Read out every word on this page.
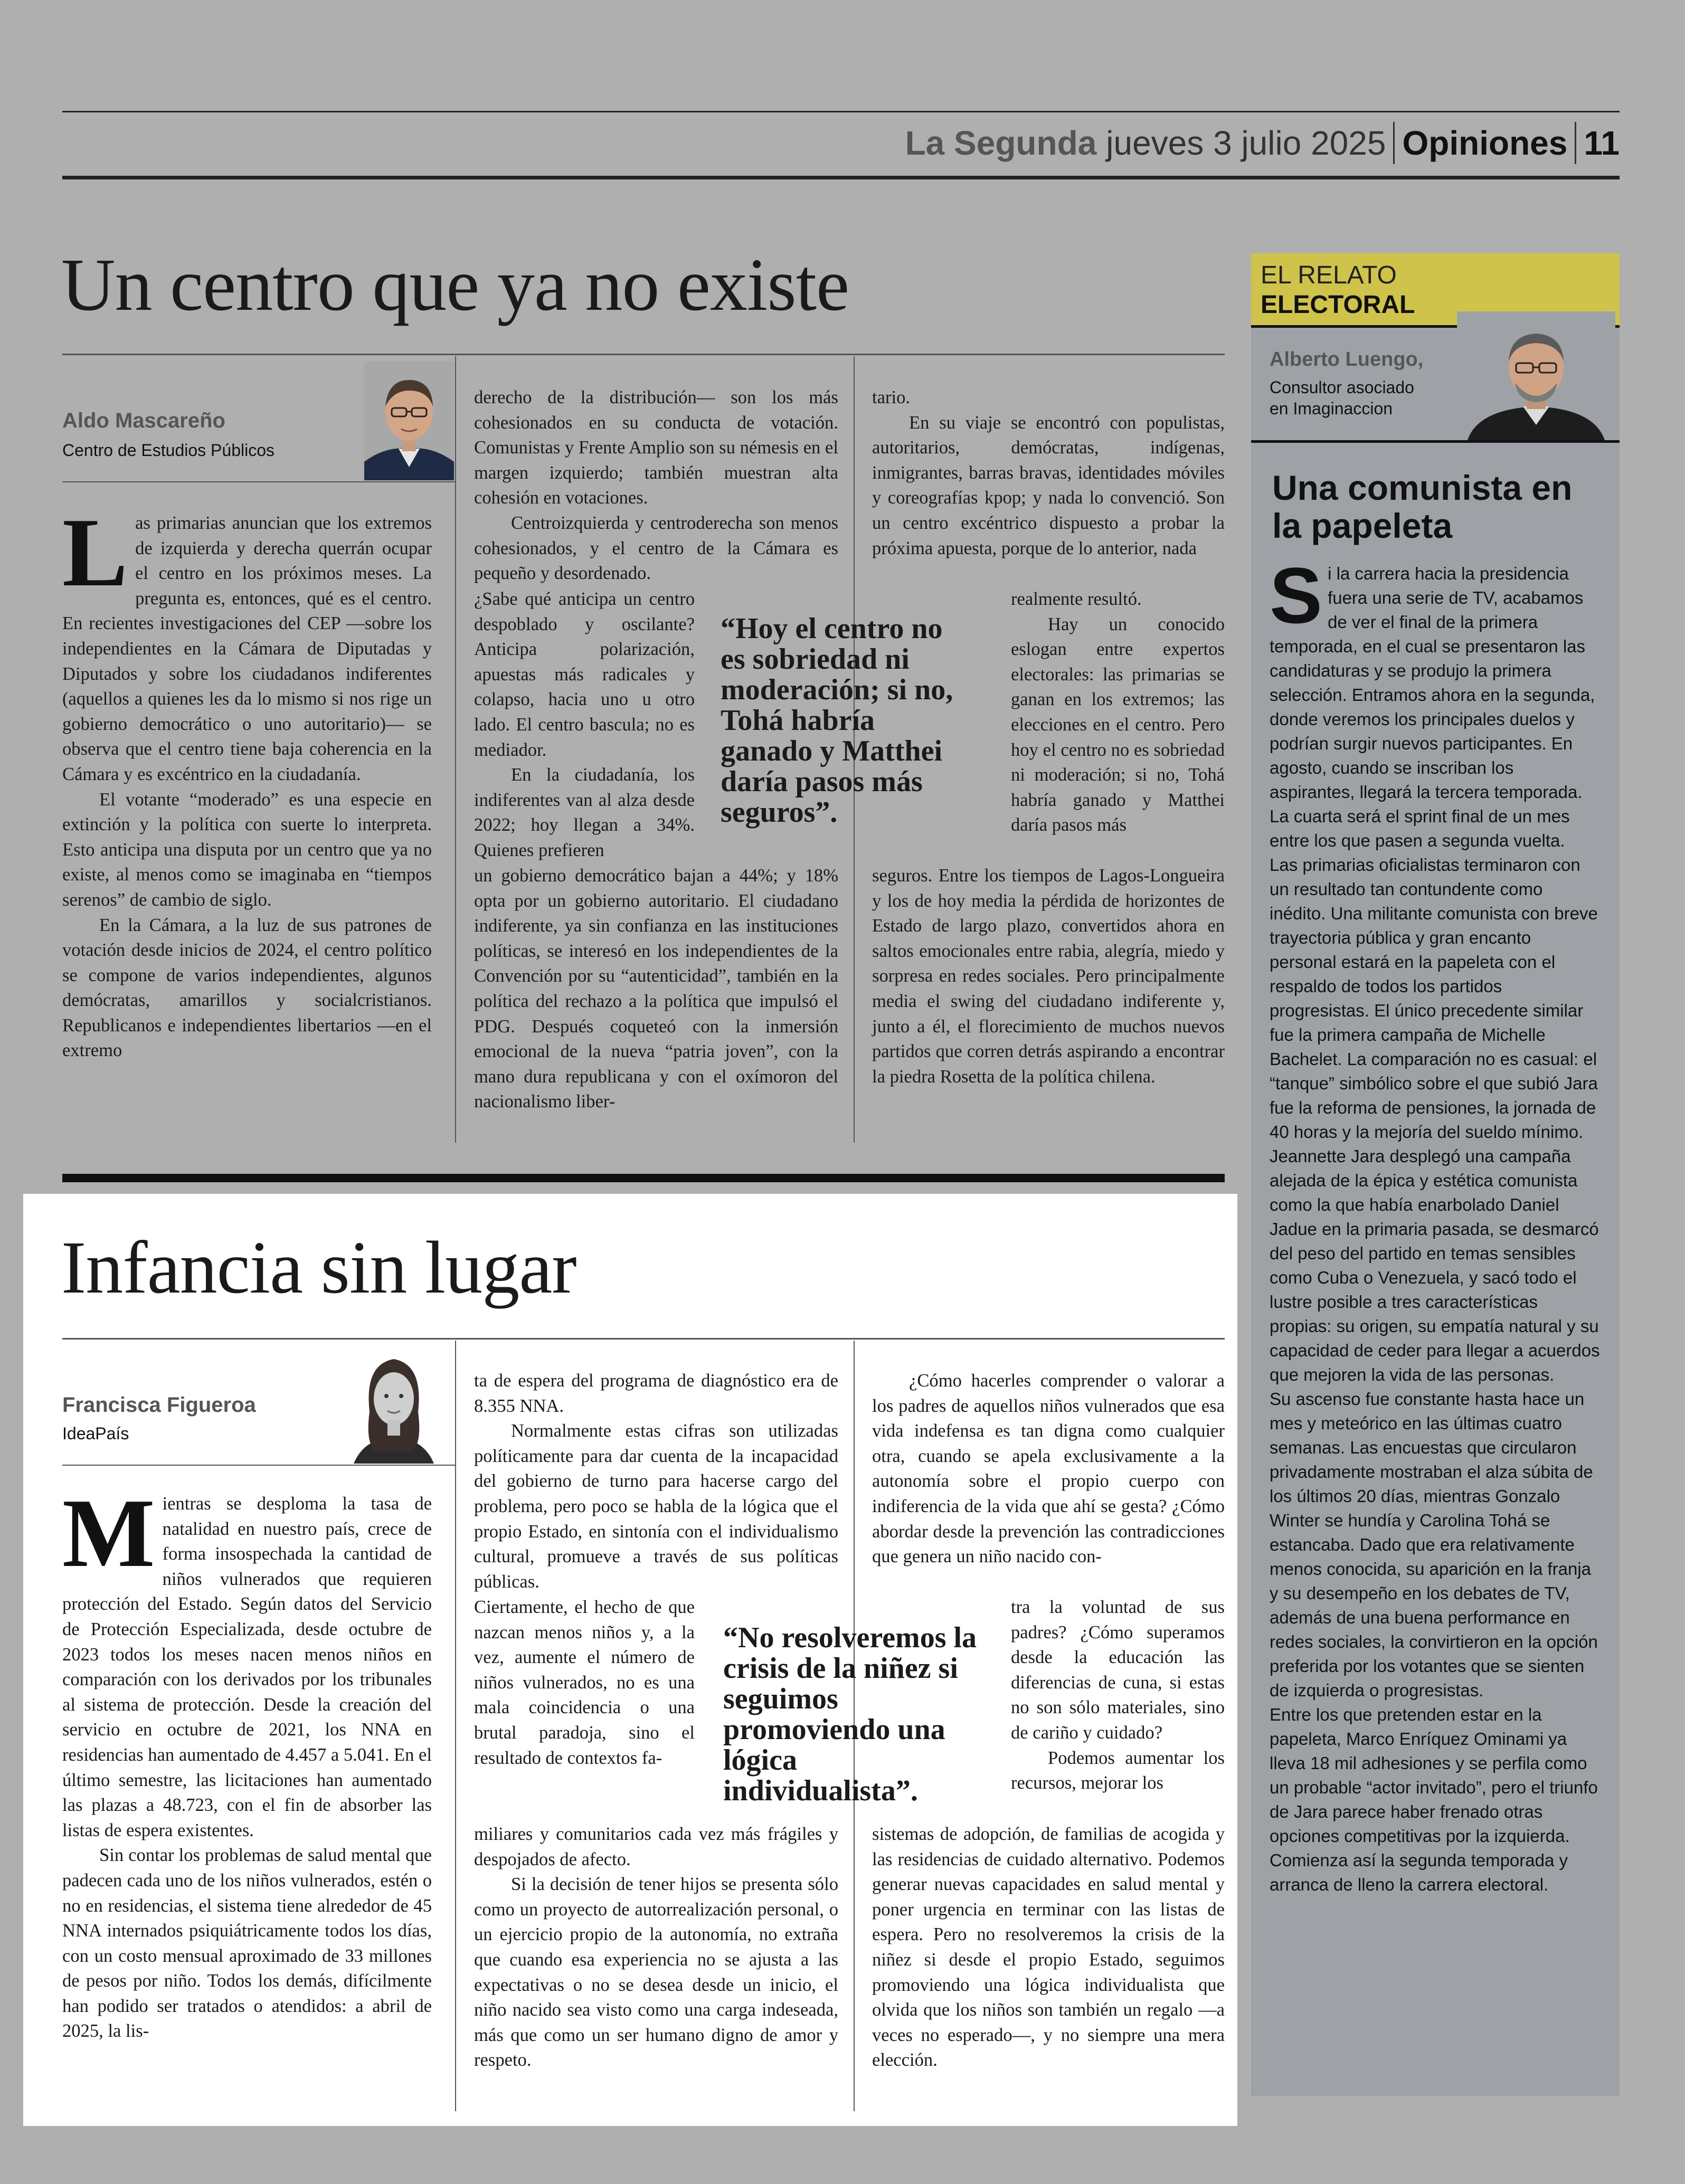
La Segunda jueves 3 julio 2025 Opiniones 11
Un centro que ya no existe
Aldo Mascareño
Centro de Estudios Públicos
L as primarias anuncian que los extremos de izquierda y derecha querrán ocupar el centro en los próximos meses. La pregunta es, entonces, qué es el centro. En recientes investigaciones del CEP —sobre los independientes en la Cámara de Diputadas y Diputados y sobre los ciudadanos indiferentes (aquellos a quienes les da lo mismo si nos rige un gobierno democrático o uno autoritario)— se observa que el centro tiene baja coherencia en la Cámara y es excéntrico en la ciudadanía.

El votante “moderado” es una especie en extinción y la política con suerte lo interpreta. Esto anticipa una disputa por un centro que ya no existe, al menos como se imaginaba en “tiempos serenos” de cambio de siglo.

En la Cámara, a la luz de sus patrones de votación desde inicios de 2024, el centro político se compone de varios independientes, algunos demócratas, amarillos y socialcristianos. Republicanos e independientes libertarios —en el extremo

derecho de la distribución— son los más cohesionados en su conducta de votación. Comunistas y Frente Amplio son su némesis en el margen izquierdo; también muestran alta cohesión en votaciones.

Centroizquierda y centroderecha son menos cohesionados, y el centro de la Cámara es pequeño y desordenado.

¿Sabe qué anticipa un centro despoblado y oscilante? Anticipa polarización, apuestas más radicales y colapso, hacia uno u otro lado. El centro bascula; no es mediador.

En la ciudadanía, los indiferentes van al alza desde 2022; hoy llegan a 34%. Quienes prefieren

un gobierno democrático bajan a 44%; y 18% opta por un gobierno autoritario. El ciudadano indiferente, ya sin confianza en las instituciones políticas, se interesó en los independientes de la Convención por su “autenticidad”, también en la política del rechazo a la política que impulsó el PDG. Después coqueteó con la inmersión emocional de la nueva “patria joven”, con la mano dura republicana y con el oxímoron del nacionalismo liber-

“Hoy el centro no es sobriedad ni moderación; si no, Tohá habría ganado y Matthei daría pasos más seguros”.

tario.

En su viaje se encontró con populistas, autoritarios, demócratas, indígenas, inmigrantes, barras bravas, identidades móviles y coreografías kpop; y nada lo convenció. Son un centro excéntrico dispuesto a probar la próxima apuesta, porque de lo anterior, nada

realmente resultó.

Hay un conocido eslogan entre expertos electorales: las primarias se ganan en los extremos; las elecciones en el centro. Pero hoy el centro no es sobriedad ni moderación; si no, Tohá habría ganado y Matthei daría pasos más

seguros. Entre los tiempos de Lagos-Longueira y los de hoy media la pérdida de horizontes de Estado de largo plazo, convertidos ahora en saltos emocionales entre rabia, alegría, miedo y sorpresa en redes sociales. Pero principalmente media el swing del ciudadano indiferente y, junto a él, el florecimiento de muchos nuevos partidos que corren detrás aspirando a encontrar la piedra Rosetta de la política chilena.

Infancia sin lugar
Francisca Figueroa
IdeaPaís
M ientras se desploma la tasa de natalidad en nuestro país, crece de forma insospechada la cantidad de niños vulnerados que requieren protección del Estado. Según datos del Servicio de Protección Especializada, desde octubre de 2023 todos los meses nacen menos niños en comparación con los derivados por los tribunales al sistema de protección. Desde la creación del servicio en octubre de 2021, los NNA en residencias han aumentado de 4.457 a 5.041. En el último semestre, las licitaciones han aumentado las plazas a 48.723, con el fin de absorber las listas de espera existentes.

Sin contar los problemas de salud mental que padecen cada uno de los niños vulnerados, estén o no en residencias, el sistema tiene alrededor de 45 NNA internados psiquiátricamente todos los días, con un costo mensual aproximado de 33 millones de pesos por niño. Todos los demás, difícilmente han podido ser tratados o atendidos: a abril de 2025, la lis-

ta de espera del programa de diagnóstico era de 8.355 NNA.

Normalmente estas cifras son utilizadas políticamente para dar cuenta de la incapacidad del gobierno de turno para hacerse cargo del problema, pero poco se habla de la lógica que el propio Estado, en sintonía con el individualismo cultural, promueve a través de sus políticas públicas.

Ciertamente, el hecho de que nazcan menos niños y, a la vez, aumente el número de niños vulnerados, no es una mala coincidencia o una brutal paradoja, sino el resultado de contextos fa-

miliares y comunitarios cada vez más frágiles y despojados de afecto.

Si la decisión de tener hijos se presenta sólo como un proyecto de autorrealización personal, o un ejercicio propio de la autonomía, no extraña que cuando esa experiencia no se ajusta a las expectativas o no se desea desde un inicio, el niño nacido sea visto como una carga indeseada, más que como un ser humano digno de amor y respeto.

“No resolveremos la crisis de la niñez si seguimos promoviendo una lógica individualista”.

¿Cómo hacerles comprender o valorar a los padres de aquellos niños vulnerados que esa vida indefensa es tan digna como cualquier otra, cuando se apela exclusivamente a la autonomía sobre el propio cuerpo con indiferencia de la vida que ahí se gesta? ¿Cómo abordar desde la prevención las contradicciones que genera un niño nacido con-

tra la voluntad de sus padres? ¿Cómo superamos desde la educación las diferencias de cuna, si estas no son sólo materiales, sino de cariño y cuidado?

Podemos aumentar los recursos, mejorar los

sistemas de adopción, de familias de acogida y las residencias de cuidado alternativo. Podemos generar nuevas capacidades en salud mental y poner urgencia en terminar con las listas de espera. Pero no resolveremos la crisis de la niñez si desde el propio Estado, seguimos promoviendo una lógica individualista que olvida que los niños son también un regalo —a veces no esperado—, y no siempre una mera elección.

EL RELATO
ELECTORAL
Alberto Luengo,
Consultor asociado
en Imaginaccion
Una comunista en la papeleta
S i la carrera hacia la presidencia fuera una serie de TV, acabamos de ver el final de la primera temporada, en el cual se presentaron las candidaturas y se produjo la primera selección. Entramos ahora en la segunda, donde veremos los principales duelos y podrían surgir nuevos participantes. En agosto, cuando se inscriban los aspirantes, llegará la tercera temporada. La cuarta será el sprint final de un mes entre los que pasen a segunda vuelta.

Las primarias oficialistas terminaron con un resultado tan contundente como inédito. Una militante comunista con breve trayectoria pública y gran encanto personal estará en la papeleta con el respaldo de todos los partidos progresistas. El único precedente similar fue la primera campaña de Michelle Bachelet. La comparación no es casual: el “tanque” simbólico sobre el que subió Jara fue la reforma de pensiones, la jornada de 40 horas y la mejoría del sueldo mínimo.

Jeannette Jara desplegó una campaña alejada de la épica y estética comunista como la que había enarbolado Daniel Jadue en la primaria pasada, se desmarcó del peso del partido en temas sensibles como Cuba o Venezuela, y sacó todo el lustre posible a tres características propias: su origen, su empatía natural y su capacidad de ceder para llegar a acuerdos que mejoren la vida de las personas.

Su ascenso fue constante hasta hace un mes y meteórico en las últimas cuatro semanas. Las encuestas que circularon privadamente mostraban el alza súbita de los últimos 20 días, mientras Gonzalo Winter se hundía y Carolina Tohá se estancaba. Dado que era relativamente menos conocida, su aparición en la franja y su desempeño en los debates de TV, además de una buena performance en redes sociales, la convirtieron en la opción preferida por los votantes que se sienten de izquierda o progresistas.

Entre los que pretenden estar en la papeleta, Marco Enríquez Ominami ya lleva 18 mil adhesiones y se perfila como un probable “actor invitado”, pero el triunfo de Jara parece haber frenado otras opciones competitivas por la izquierda. Comienza así la segunda temporada y arranca de lleno la carrera electoral.
